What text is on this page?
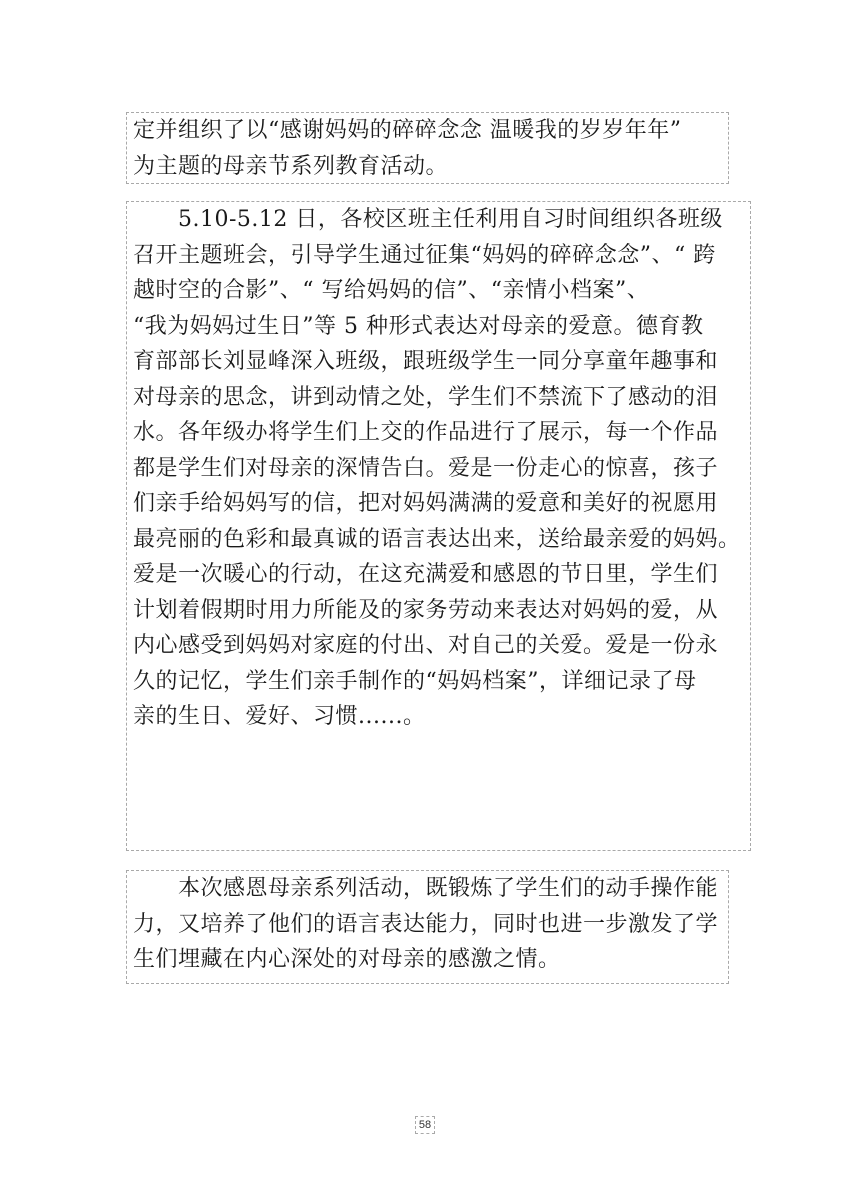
定并组织了以“感谢妈妈的碎碎念念 温暖我的岁岁年年”
为主题的母亲节系列教育活动。

　　5.10-5.12 日，各校区班主任利用自习时间组织各班级
召开主题班会，引导学生通过征集“妈妈的碎碎念念”、“ 跨
越时空的合影”、“ 写给妈妈的信”、“亲情小档案”、
“我为妈妈过生日”等 5 种形式表达对母亲的爱意。德育教
育部部长刘显峰深入班级，跟班级学生一同分享童年趣事和
对母亲的思念，讲到动情之处，学生们不禁流下了感动的泪
水。各年级办将学生们上交的作品进行了展示，每一个作品
都是学生们对母亲的深情告白。爱是一份走心的惊喜，孩子
们亲手给妈妈写的信，把对妈妈满满的爱意和美好的祝愿用
最亮丽的色彩和最真诚的语言表达出来，送给最亲爱的妈妈。
爱是一次暖心的行动，在这充满爱和感恩的节日里，学生们
计划着假期时用力所能及的家务劳动来表达对妈妈的爱，从
内心感受到妈妈对家庭的付出、对自己的关爱。爱是一份永
久的记忆，学生们亲手制作的“妈妈档案”，详细记录了母
亲的生日、爱好、习惯......。

　　本次感恩母亲系列活动，既锻炼了学生们的动手操作能
力，又培养了他们的语言表达能力，同时也进一步激发了学
生们埋藏在内心深处的对母亲的感激之情。

58
